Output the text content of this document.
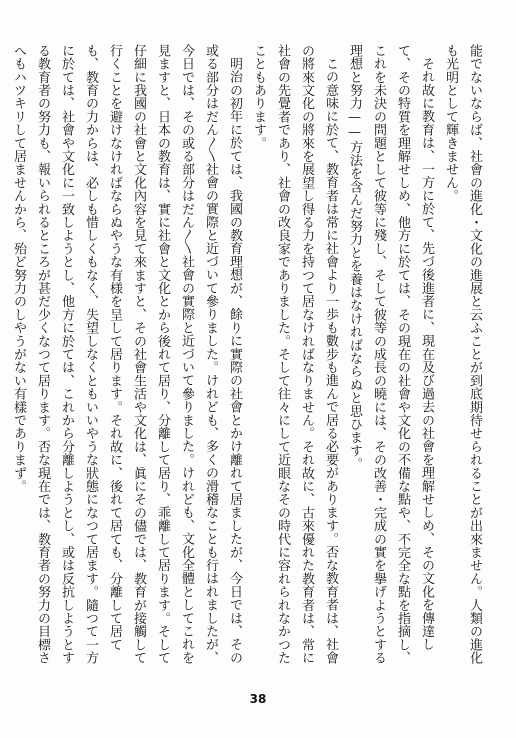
能でないならば、社會の進化・文化の進展と云ふことが到底期待せられることが出來ません。人類の進化も光明として輝きません。

それ故に教育は、一方に於て、先づ後進者に、現在及び過去の社會を理解せしめ、その文化を傳達して、その特質を理解せしめ、他方に於ては、その現在の社會や文化の不備な點や、不完全な點を指摘し、これを未決の問題として彼等に殘し、そして彼等の成長の曉には、その改善・完成の實を擧げようとする理想と努力——方法を含んだ努力とを養はなければならぬと思ひます。

この意味に於て、教育者は常に社會より一歩も數步も進んで居る必要があります。否な教育者は、社會の將來文化の將來を展望し得る力を持つて居なければなりません。それ故に、古來優れた教育者は、常に社會の先覺者であり、社會の改良家でありました。そして往々にして近眼なその時代に容れられなかつたこともあります。

明治の初年に於ては、我國の教育理想が、餘りに實際の社會とかけ離れて居ましたが、今日では、その或る部分はだん〳〵社會の實際と近づいて參りました。けれども、多くの滑稽なことも行はれましたが、今日では、その或る部分はだん〳〵社會の實際と近づいて參りました。けれども、文化全體としてこれを見ますと、日本の教育は、實に社會と文化とから後れて居り、分離して居り、乖離して居ります。そして仔細に我國の社會と文化內容を見て來ますと、その社會生活や文化は、眞にその儘では、教育が接觸して行くことを避けなければならぬやうな有様を呈して居ります。それ故に、後れて居ても、分離して居ても、教育の力からは、必しも惜しくもなく、失望しなくともいいやうな狀態になつて居ます。隨つて一方に於ては、社會や文化に一致しようとし、他方に於ては、これから分離しようとし、或は反抗しようとする教育者の努力も、報いられるところが甚だ少くなつて居ります。否な現在では、教育者の努力の目標さへもハツキリして居ませんから、殆ど努力のしやうがない有樣でありまず。

38
